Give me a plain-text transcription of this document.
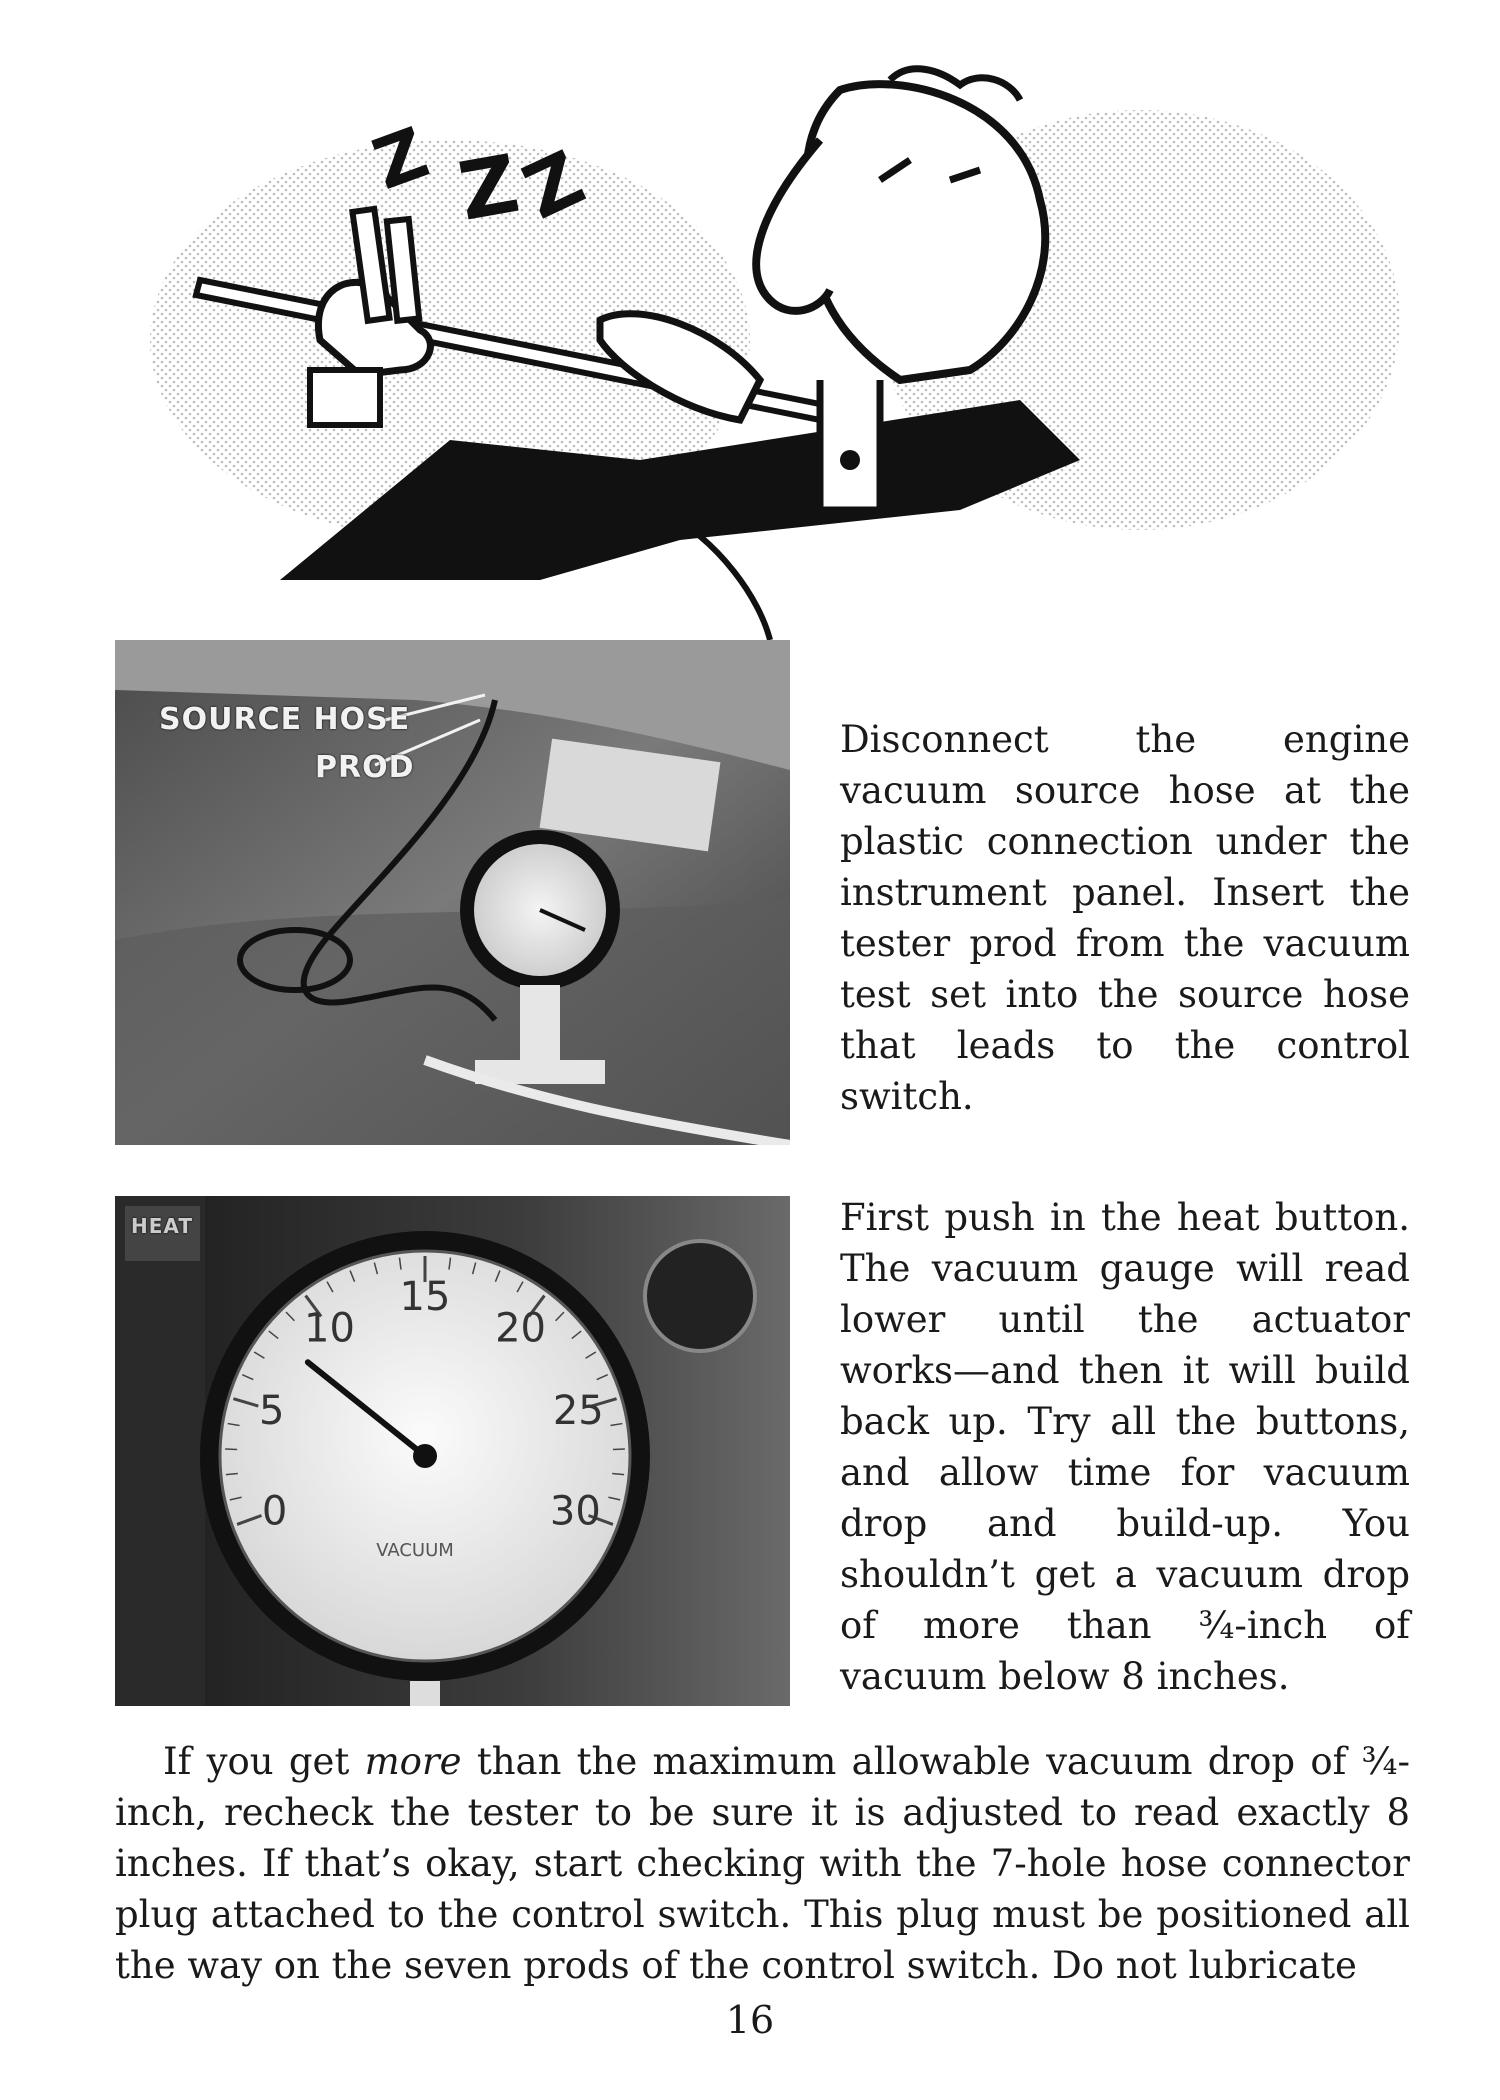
Z Z
Z
SOURCE HOSE
PROD
0
5
10
15
20
25
30
VACUUM
HEAT

Disconnect the engine vacuum source hose at the plastic connection under the instrument panel. Insert the tester prod from the vacuum test set into the source hose that leads to the control switch.

First push in the heat button. The vacuum gauge will read lower until the actuator works—and then it will build back up. Try all the buttons, and allow time for vacuum drop and build-up. You shouldn’t get a vacuum drop of more than ¾-inch of vacuum below 8 inches.

If you get more than the maximum allowable vacuum drop of ¾-inch, recheck the tester to be sure it is adjusted to read exactly 8 inches. If that’s okay, start checking with the 7-hole hose connector plug attached to the control switch. This plug must be positioned all the way on the seven prods of the control switch. Do not lubricate

16
